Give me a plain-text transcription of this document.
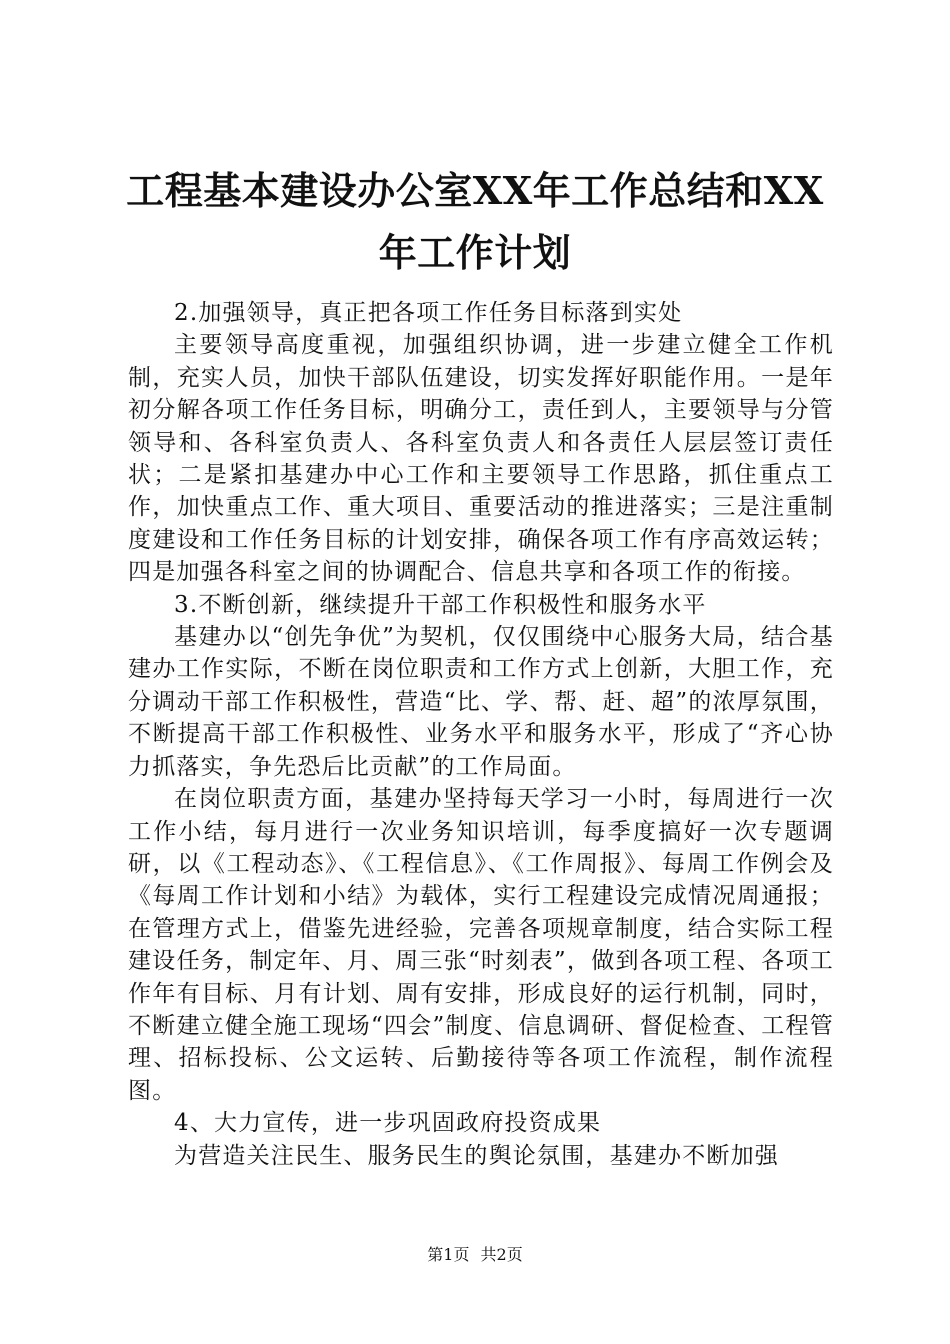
工程基本建设办公室XX年工作总结和XX年工作计划

2.加强领导，真正把各项工作任务目标落到实处

主要领导高度重视，加强组织协调，进一步建立健全工作机制，充实人员，加快干部队伍建设，切实发挥好职能作用。一是年初分解各项工作任务目标，明确分工，责任到人，主要领导与分管领导和、各科室负责人、各科室负责人和各责任人层层签订责任状；二是紧扣基建办中心工作和主要领导工作思路，抓住重点工作，加快重点工作、重大项目、重要活动的推进落实；三是注重制度建设和工作任务目标的计划安排，确保各项工作有序高效运转；四是加强各科室之间的协调配合、信息共享和各项工作的衔接。

3.不断创新，继续提升干部工作积极性和服务水平

基建办以“创先争优”为契机，仅仅围绕中心服务大局，结合基建办工作实际，不断在岗位职责和工作方式上创新，大胆工作，充分调动干部工作积极性，营造“比、学、帮、赶、超”的浓厚氛围，不断提高干部工作积极性、业务水平和服务水平，形成了“齐心协力抓落实，争先恐后比贡献”的工作局面。

在岗位职责方面，基建办坚持每天学习一小时，每周进行一次工作小结，每月进行一次业务知识培训，每季度搞好一次专题调研，以《工程动态》、《工程信息》、《工作周报》、每周工作例会及《每周工作计划和小结》为载体，实行工程建设完成情况周通报；在管理方式上，借鉴先进经验，完善各项规章制度，结合实际工程建设任务，制定年、月、周三张“时刻表”，做到各项工程、各项工作年有目标、月有计划、周有安排，形成良好的运行机制，同时，不断建立健全施工现场“四会”制度、信息调研、督促检查、工程管理、招标投标、公文运转、后勤接待等各项工作流程，制作流程图。

4、大力宣传，进一步巩固政府投资成果

为营造关注民生、服务民生的舆论氛围，基建办不断加强

第1页 共2页
